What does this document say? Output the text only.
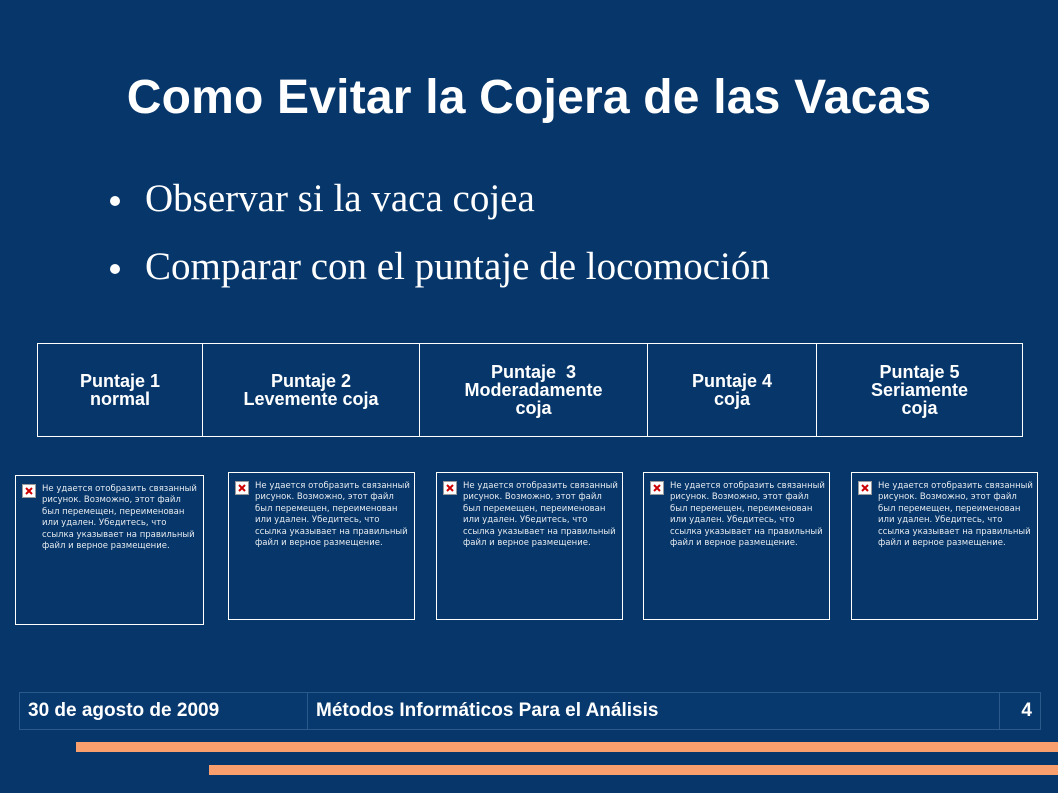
Como Evitar la Cojera de las Vacas
Observar si la vaca cojea
Comparar con el puntaje de locomoción
Puntaje 1
normal

Puntaje 2
Levemente coja

Puntaje  3
Moderadamente
coja

Puntaje 4
coja

Puntaje 5
Seriamente
coja
Не удается отобразить связанный рисунок. Возможно, этот файл был перемещен, переименован или удален. Убедитесь, что ссылка указывает на правильный файл и верное размещение.
Не удается отобразить связанный рисунок. Возможно, этот файл был перемещен, переименован или удален. Убедитесь, что ссылка указывает на правильный файл и верное размещение.
Не удается отобразить связанный рисунок. Возможно, этот файл был перемещен, переименован или удален. Убедитесь, что ссылка указывает на правильный файл и верное размещение.
Не удается отобразить связанный рисунок. Возможно, этот файл был перемещен, переименован или удален. Убедитесь, что ссылка указывает на правильный файл и верное размещение.
Не удается отобразить связанный рисунок. Возможно, этот файл был перемещен, переименован или удален. Убедитесь, что ссылка указывает на правильный файл и верное размещение.
30 de agosto de 2009	Métodos Informáticos Para el Análisis	4
